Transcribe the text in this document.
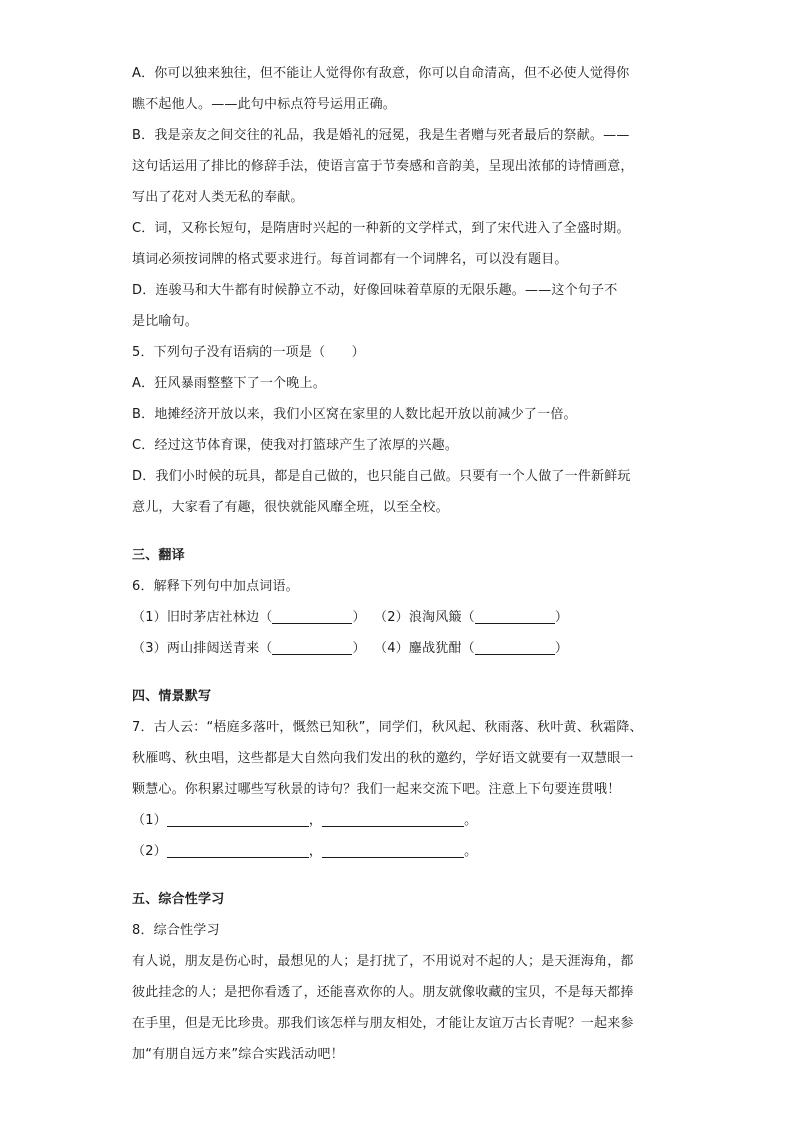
A．你可以独来独往，但不能让人觉得你有敌意，你可以自命清高，但不必使人觉得你
瞧不起他人。——此句中标点符号运用正确。
B．我是亲友之间交往的礼品，我是婚礼的冠冕，我是生者赠与死者最后的祭献。——
这句话运用了排比的修辞手法，使语言富于节奏感和音韵美，呈现出浓郁的诗情画意，
写出了花对人类无私的奉献。
C．词，又称长短句，是隋唐时兴起的一种新的文学样式，到了宋代进入了全盛时期。
填词必须按词牌的格式要求进行。每首词都有一个词牌名，可以没有题目。
D．连骏马和大牛都有时候静立不动，好像回味着草原的无限乐趣。——这个句子不
是比喻句。
5．下列句子没有语病的一项是（　　）
A．狂风暴雨整整下了一个晚上。
B．地摊经济开放以来，我们小区窝在家里的人数比起开放以前减少了一倍。
C．经过这节体育课，使我对打篮球产生了浓厚的兴趣。
D．我们小时候的玩具，都是自己做的，也只能自己做。只要有一个人做了一件新鲜玩
意儿，大家看了有趣，很快就能风靡全班，以至全校。
三、翻译
6．解释下列句中加点词语。
（1）旧时茅店社林边（	） （2）浪淘风簸（	）
（3）两山排闼送青来（	） （4）鏖战犹酣（	）
四、情景默写
7．古人云：“梧庭多落叶，慨然已知秋”，同学们，秋风起、秋雨落、秋叶黄、秋霜降、
秋雁鸣、秋虫唱，这些都是大自然向我们发出的秋的邀约，学好语文就要有一双慧眼一
颗慧心。你积累过哪些写秋景的诗句？我们一起来交流下吧。注意上下句要连贯哦！
（1）	，	。
（2）	，	。
五、综合性学习
8．综合性学习
有人说，朋友是伤心时，最想见的人；是打扰了，不用说对不起的人；是天涯海角，都
彼此挂念的人；是把你看透了，还能喜欢你的人。朋友就像收藏的宝贝，不是每天都捧
在手里，但是无比珍贵。那我们该怎样与朋友相处，才能让友谊万古长青呢？一起来参
加“有朋自远方来”综合实践活动吧！
